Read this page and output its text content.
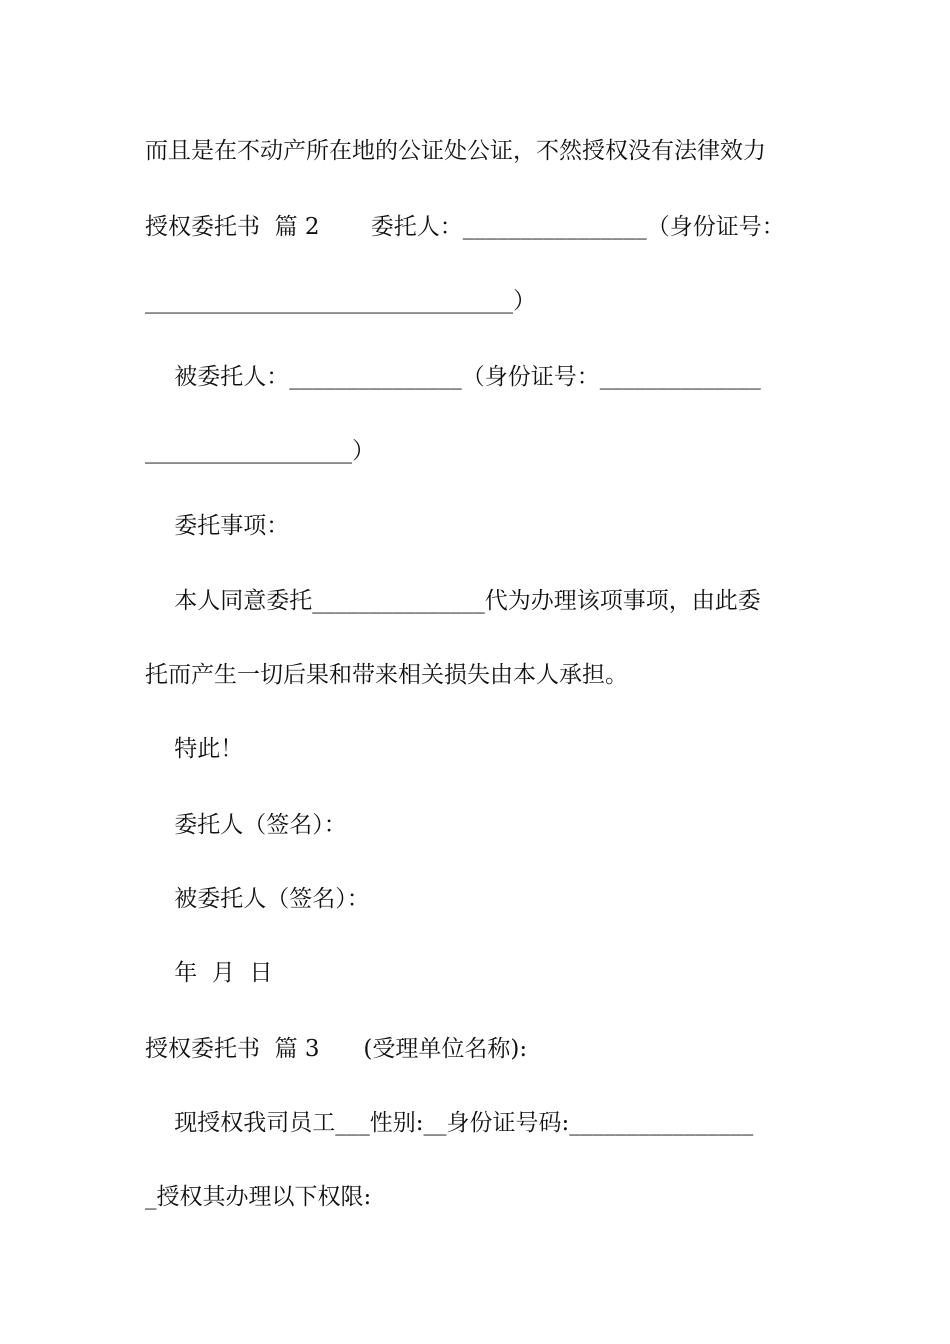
而且是在不动产所在地的公证处公证，不然授权没有法律效力
授权委托书  篇 2       委托人：________________（身份证号：
________________________________）
被委托人：_______________（身份证号：______________
__________________）
委托事项：
本人同意委托_______________代为办理该项事项，由此委
托而产生一切后果和带来相关损失由本人承担。
特此！
委托人（签名）：
被委托人（签名）：
年  月  日
授权委托书  篇 3      (受理单位名称):
现授权我司员工___性别:__身份证号码:________________
_授权其办理以下权限:
